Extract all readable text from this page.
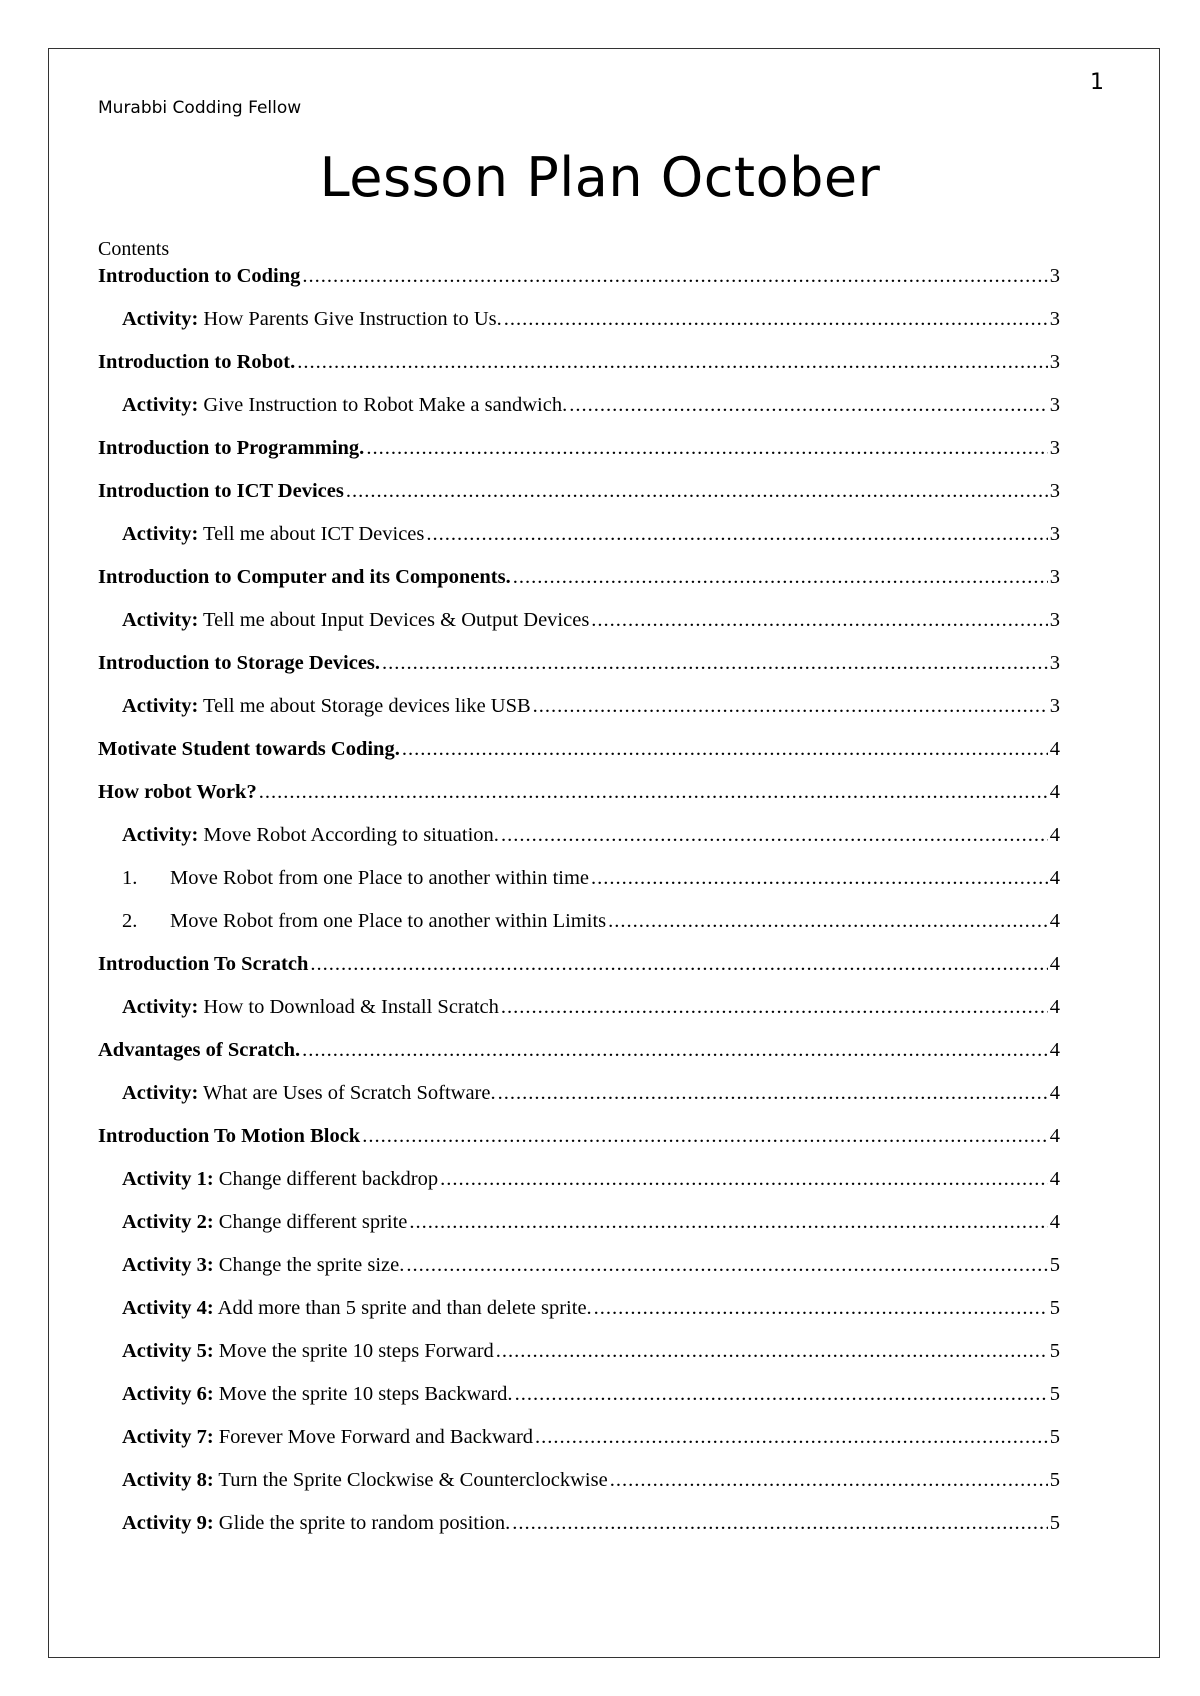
1
Murabbi Codding Fellow
Lesson Plan October
Contents
Introduction to Coding .....	3
Activity: How Parents Give Instruction to Us. .....	3
Introduction to Robot. .....	3
Activity: Give Instruction to Robot Make a sandwich. .....	3
Introduction to Programming. .....	3
Introduction to ICT Devices .....	3
Activity: Tell me about ICT Devices .....	3
Introduction to Computer and its Components. .....	3
Activity: Tell me about Input Devices & Output Devices .....	3
Introduction to Storage Devices. .....	3
Activity: Tell me about Storage devices like USB .....	3
Motivate Student towards Coding. .....	4
How robot Work? .....	4
Activity: Move Robot According to situation. .....	4
1. Move Robot from one Place to another within time .....	4
2. Move Robot from one Place to another within Limits .....	4
Introduction To Scratch .....	4
Activity: How to Download & Install Scratch .....	4
Advantages of Scratch. .....	4
Activity: What are Uses of Scratch Software. .....	4
Introduction To Motion Block .....	4
Activity 1: Change different backdrop .....	4
Activity 2: Change different sprite .....	4
Activity 3: Change the sprite size. .....	5
Activity 4: Add more than 5 sprite and than delete sprite. .....	5
Activity 5: Move the sprite 10 steps Forward .....	5
Activity 6: Move the sprite 10 steps Backward. .....	5
Activity 7: Forever Move Forward and Backward .....	5
Activity 8: Turn the Sprite Clockwise & Counterclockwise .....	5
Activity 9: Glide the sprite to random position. .....	5
